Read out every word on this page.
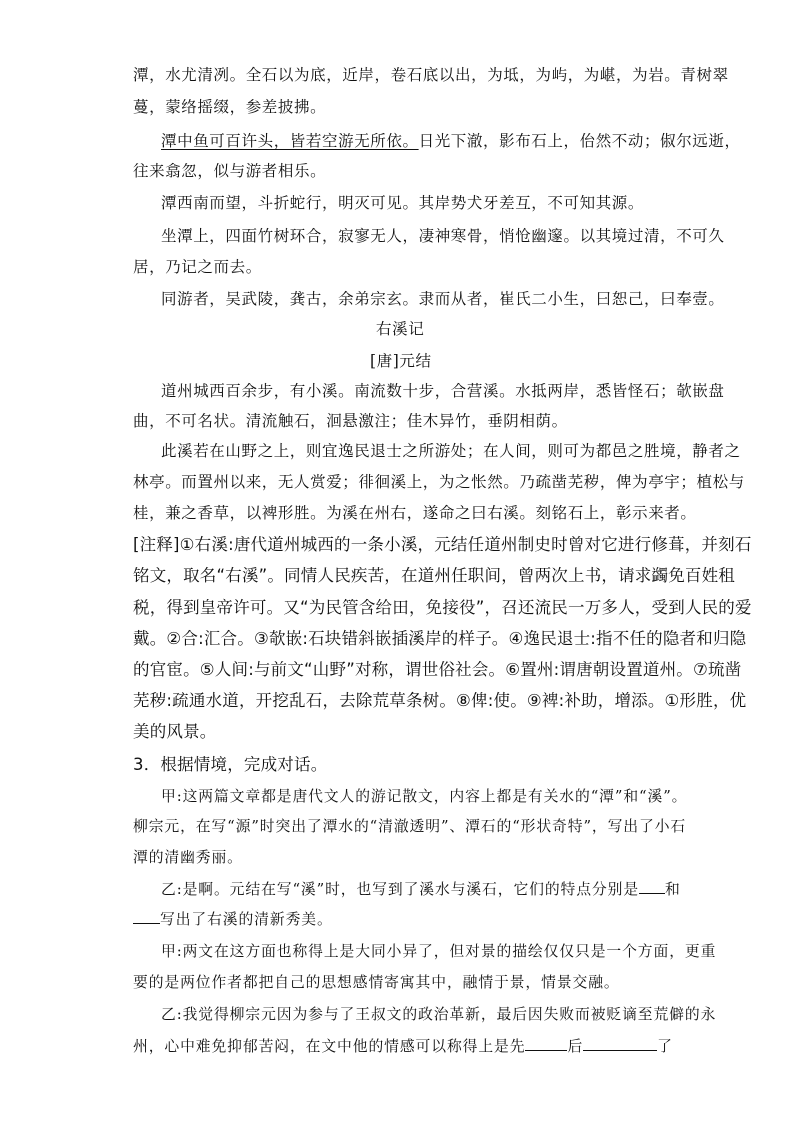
潭，水尤清冽。全石以为底，近岸，卷石底以出，为坻，为屿，为嵁，为岩。青树翠
蔓，蒙络摇缀，参差披拂。
潭中鱼可百许头，皆若空游无所依。日光下澈，影布石上，佁然不动；俶尔远逝，
往来翕忽，似与游者相乐。
潭西南而望，斗折蛇行，明灭可见。其岸势犬牙差互，不可知其源。
坐潭上，四面竹树环合，寂寥无人，凄神寒骨，悄怆幽邃。以其境过清，不可久
居，乃记之而去。
同游者，吴武陵，龚古，余弟宗玄。隶而从者，崔氏二小生，曰恕己，曰奉壹。
右溪记
[唐]元结
道州城西百余步，有小溪。南流数十步，合营溪。水抵两岸，悉皆怪石；欹嵌盘
曲，不可名状。清流触石，洄悬激注；佳木异竹，垂阴相荫。
此溪若在山野之上，则宜逸民退士之所游处；在人间，则可为都邑之胜境，静者之
林亭。而置州以来，无人赏爱；徘徊溪上，为之怅然。乃疏凿芜秽，俾为亭宇；植松与
桂，兼之香草，以裨形胜。为溪在州右，遂命之曰右溪。刻铭石上，彰示来者。
[注释]①右溪:唐代道州城西的一条小溪，元结任道州制史时曾对它进行修葺，并刻石
铭文，取名“右溪”。同情人民疾苦，在道州任职间，曾两次上书，请求蠲免百姓租
税，得到皇帝许可。又“为民管含给田，免接役”，召还流民一万多人，受到人民的爱
戴。②合:汇合。③欹嵌:石块错斜嵌插溪岸的样子。④逸民退士:指不任的隐者和归隐
的官宦。⑤人间:与前文“山野”对称，谓世俗社会。⑥置州:谓唐朝设置道州。⑦琉凿
芜秽:疏通水道，开挖乱石，去除荒草条树。⑧俾:使。⑨裨:补助，增添。①形胜，优
美的风景。
3．根据情境，完成对话。
甲:这两篇文章都是唐代文人的游记散文，内容上都是有关水的“潭”和“溪”。
柳宗元，在写“源”时突出了潭水的“清澈透明”、潭石的“形状奇特”，写出了小石
潭的清幽秀丽。
乙:是啊。元结在写“溪”时，也写到了溪水与溪石，它们的特点分别是 和
写出了右溪的清新秀美。
甲:两文在这方面也称得上是大同小异了，但对景的描绘仅仅只是一个方面，更重
要的是两位作者都把自己的思想感情寄寓其中，融情于景，情景交融。
乙:我觉得柳宗元因为参与了王叔文的政治革新，最后因失败而被贬谪至荒僻的永
州，心中难免抑郁苦闷，在文中他的情感可以称得上是先	后	了
